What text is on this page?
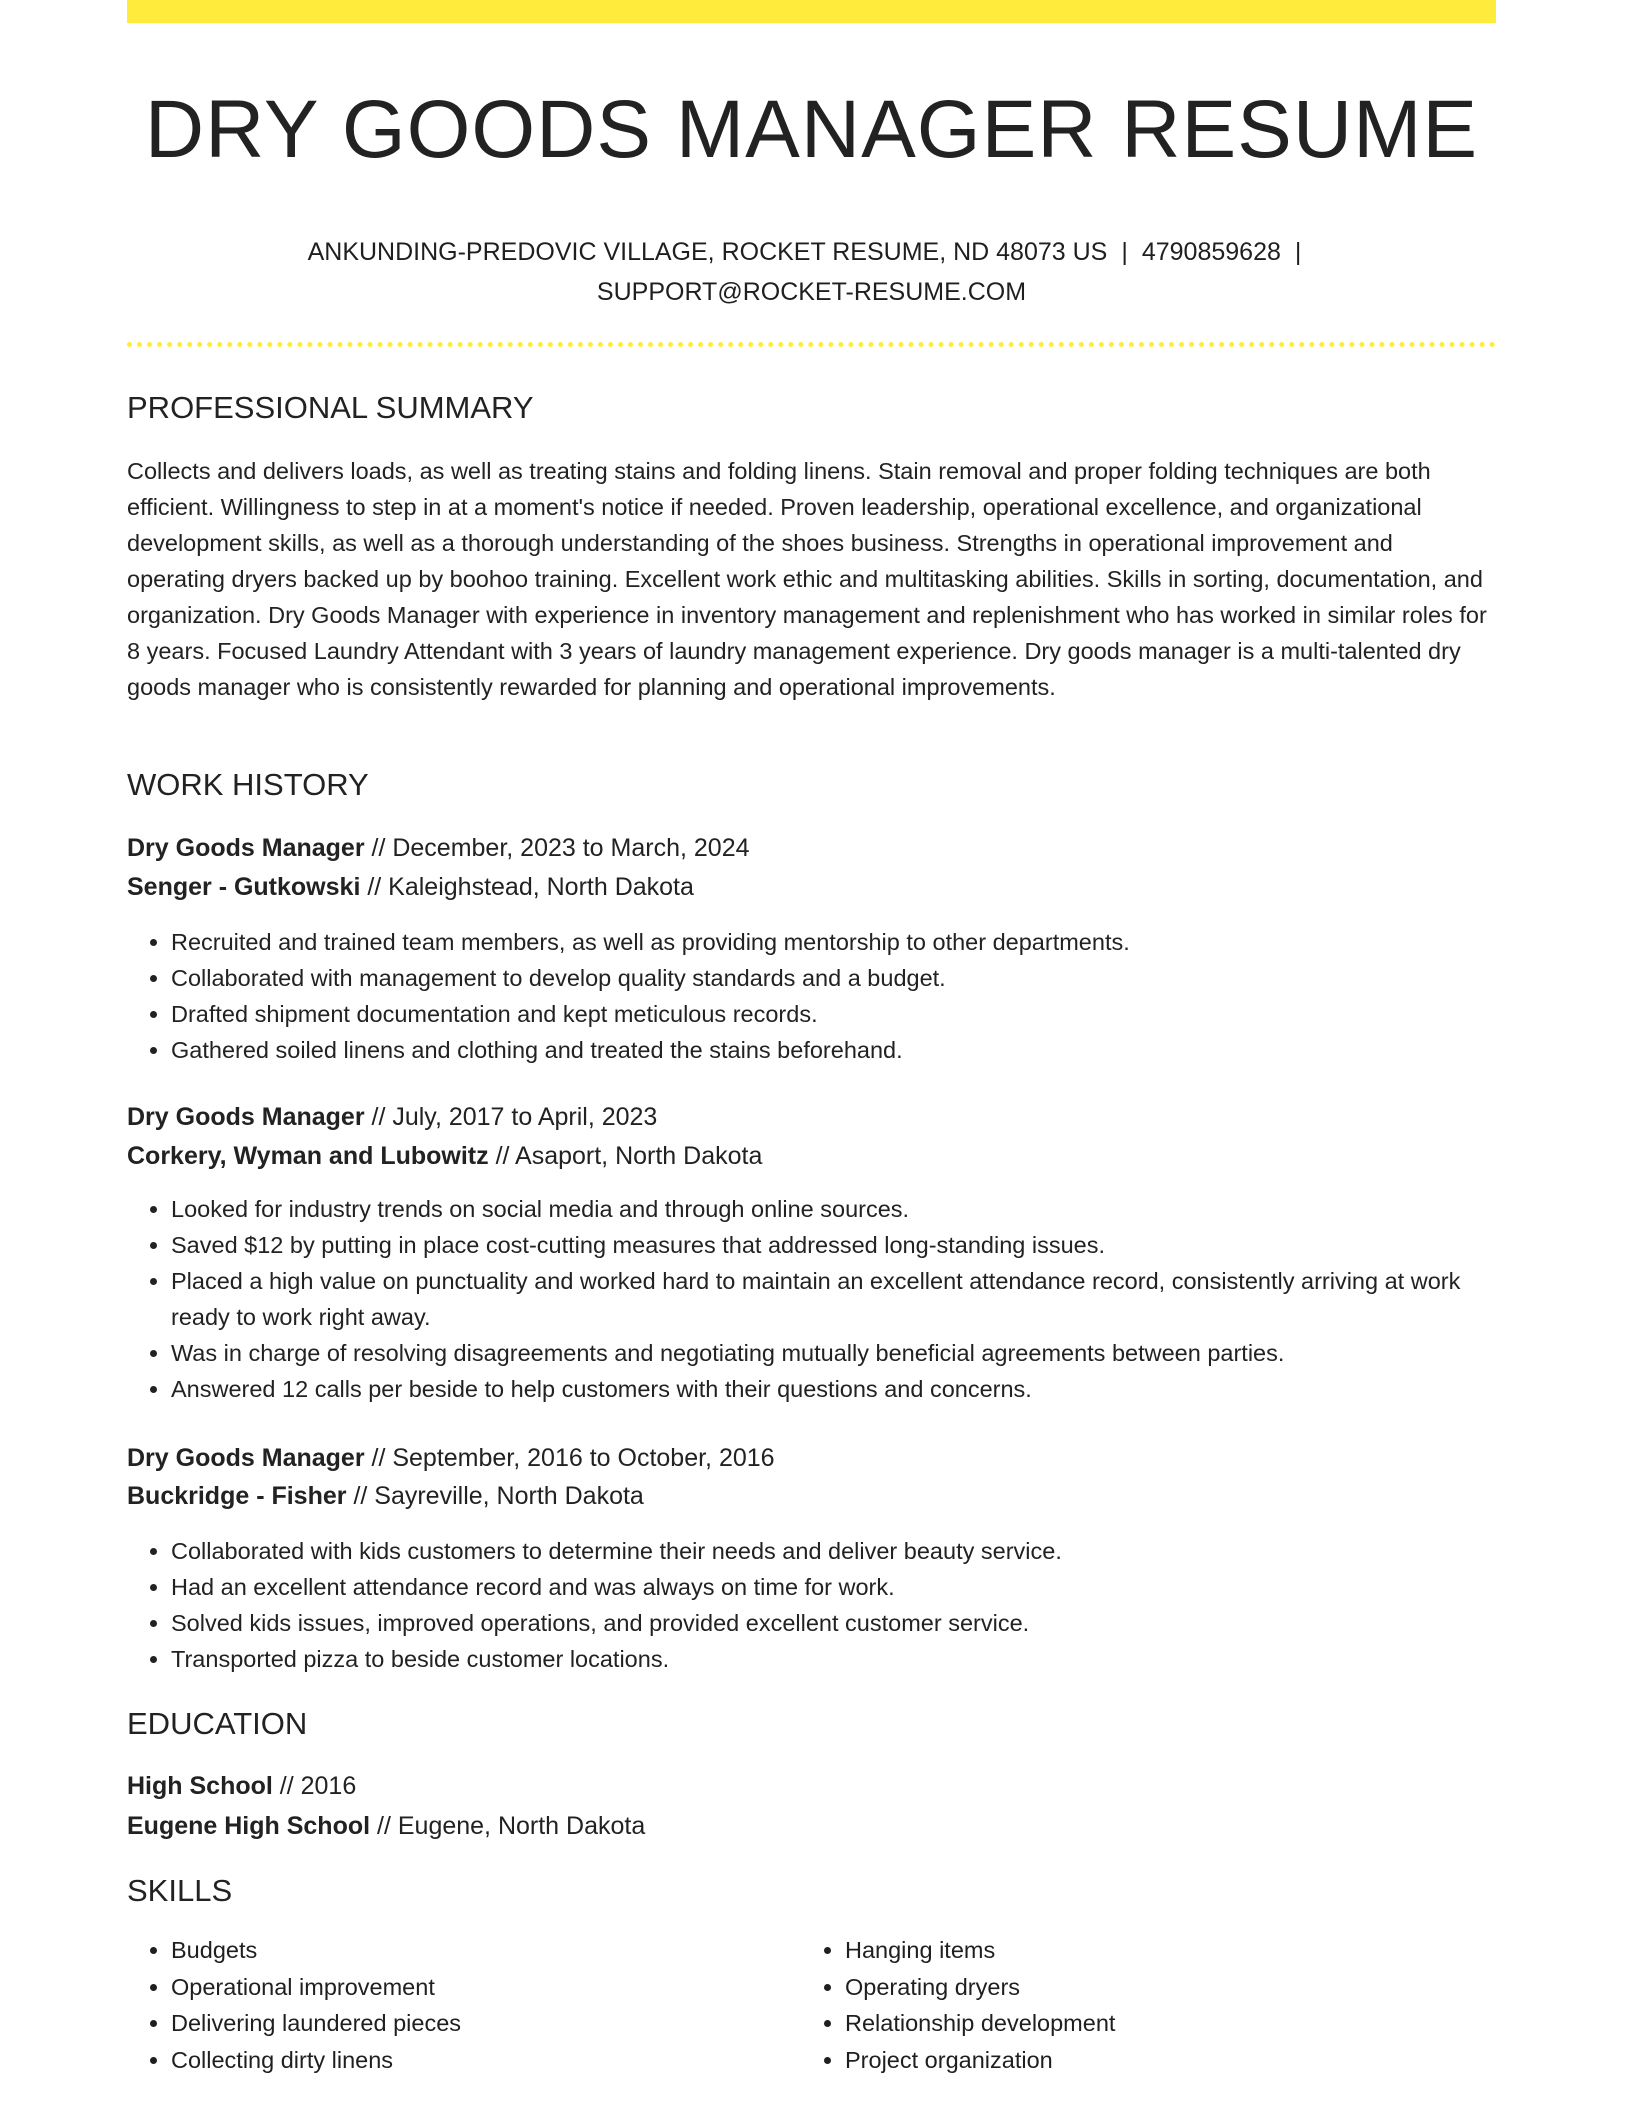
DRY GOODS MANAGER RESUME
ANKUNDING-PREDOVIC VILLAGE, ROCKET RESUME, ND 48073 US | 4790859628 |
SUPPORT@ROCKET-RESUME.COM
PROFESSIONAL SUMMARY

Collects and delivers loads, as well as treating stains and folding linens. Stain removal and proper folding techniques are both efficient. Willingness to step in at a moment's notice if needed. Proven leadership, operational excellence, and organizational development skills, as well as a thorough understanding of the shoes business. Strengths in operational improvement and operating dryers backed up by boohoo training. Excellent work ethic and multitasking abilities. Skills in sorting, documentation, and organization. Dry Goods Manager with experience in inventory management and replenishment who has worked in similar roles for 8 years. Focused Laundry Attendant with 3 years of laundry management experience. Dry goods manager is a multi-talented dry goods manager who is consistently rewarded for planning and operational improvements.

WORK HISTORY
Dry Goods Manager // December, 2023 to March, 2024
Senger - Gutkowski // Kaleighstead, North Dakota
• Recruited and trained team members, as well as providing mentorship to other departments.
• Collaborated with management to develop quality standards and a budget.
• Drafted shipment documentation and kept meticulous records.
• Gathered soiled linens and clothing and treated the stains beforehand.
Dry Goods Manager // July, 2017 to April, 2023
Corkery, Wyman and Lubowitz // Asaport, North Dakota
• Looked for industry trends on social media and through online sources.
• Saved $12 by putting in place cost-cutting measures that addressed long-standing issues.
• Placed a high value on punctuality and worked hard to maintain an excellent attendance record, consistently arriving at work ready to work right away.
• Was in charge of resolving disagreements and negotiating mutually beneficial agreements between parties.
• Answered 12 calls per beside to help customers with their questions and concerns.
Dry Goods Manager // September, 2016 to October, 2016
Buckridge - Fisher // Sayreville, North Dakota
• Collaborated with kids customers to determine their needs and deliver beauty service.
• Had an excellent attendance record and was always on time for work.
• Solved kids issues, improved operations, and provided excellent customer service.
• Transported pizza to beside customer locations.
EDUCATION
High School // 2016
Eugene High School // Eugene, North Dakota
SKILLS
• Budgets
• Operational improvement
• Delivering laundered pieces
• Collecting dirty linens
• Hanging items
• Operating dryers
• Relationship development
• Project organization
